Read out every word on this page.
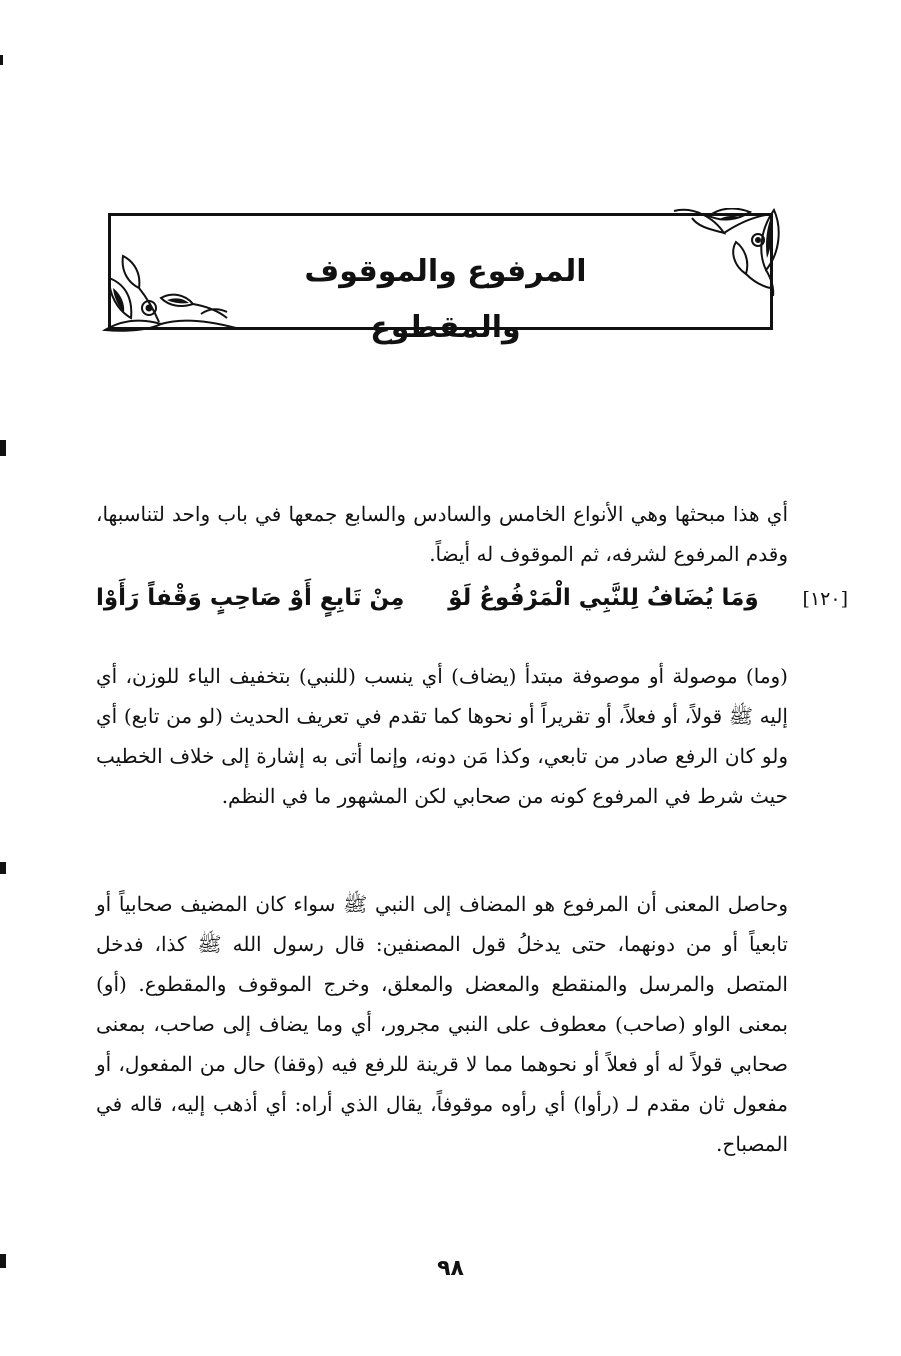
المرفوع والموقوف والمقطوع

أي هذا مبحثها وهي الأنواع الخامس والسادس والسابع جمعها في باب واحد لتناسبها، وقدم المرفوع لشرفه، ثم الموقوف له أيضاً.

[١٢٠]
وَمَا يُضَافُ لِلنَّبِي الْمَرْفُوعُ لَوْ
مِنْ تَابِعٍ أَوْ صَاحِبٍ وَقْفاً رَأَوْا

(وما) موصولة أو موصوفة مبتدأ (يضاف) أي ينسب (للنبي) بتخفيف الياء للوزن، أي إليه ﷺ قولاً، أو فعلاً، أو تقريراً أو نحوها كما تقدم في تعريف الحديث (لو من تابع) أي ولو كان الرفع صادر من تابعي، وكذا مَن دونه، وإنما أتى به إشارة إلى خلاف الخطيب حيث شرط في المرفوع كونه من صحابي لكن المشهور ما في النظم.

وحاصل المعنى أن المرفوع هو المضاف إلى النبي ﷺ سواء كان المضيف صحابياً أو تابعياً أو من دونهما، حتى يدخلُ قول المصنفين: قال رسول الله ﷺ كذا، فدخل المتصل والمرسل والمنقطع والمعضل والمعلق، وخرج الموقوف والمقطوع. (أو) بمعنى الواو (صاحب) معطوف على النبي مجرور، أي وما يضاف إلى صاحب، بمعنى صحابي قولاً له أو فعلاً أو نحوهما مما لا قرينة للرفع فيه (وقفا) حال من المفعول، أو مفعول ثان مقدم لـ (رأوا) أي رأوه موقوفاً، يقال الذي أراه: أي أذهب إليه، قاله في المصباح.

٩٨
